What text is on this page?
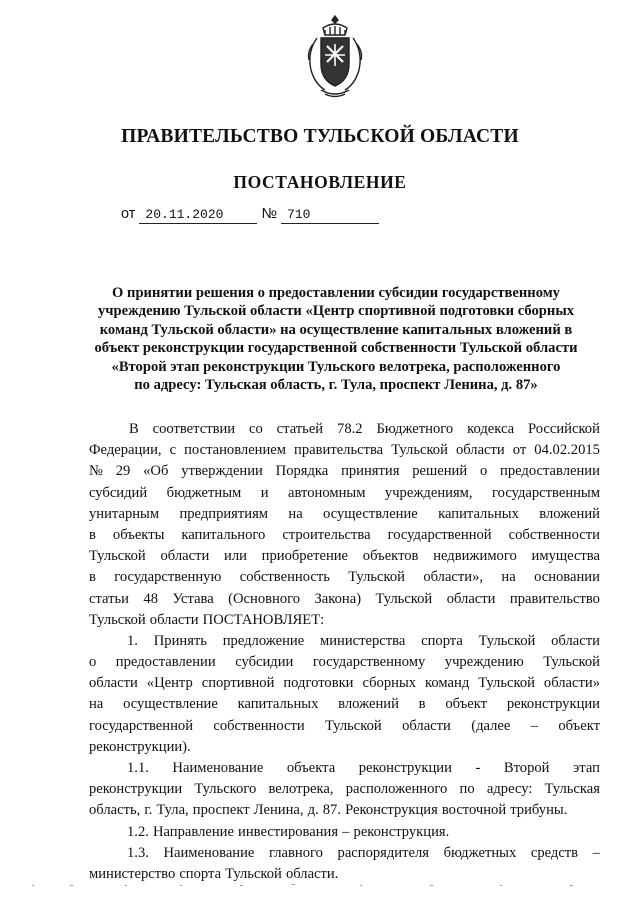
ПРАВИТЕЛЬСТВО ТУЛЬСКОЙ ОБЛАСТИ
ПОСТАНОВЛЕНИЕ
от 20.11.2020	№ 710
О принятии решения о предоставлении субсидии государственному
учреждению Тульской области «Центр спортивной подготовки сборных
команд Тульской области» на осуществление капитальных вложений в
объект реконструкции государственной собственности Тульской области
«Второй этап реконструкции Тульского велотрека, расположенного
по адресу: Тульская область, г. Тула, проспект Ленина, д. 87»
В соответствии со статьей 78.2 Бюджетного кодекса Российской
Федерации, с постановлением правительства Тульской области от 04.02.2015
№ 29 «Об утверждении Порядка принятия решений о предоставлении
субсидий бюджетным и автономным учреждениям, государственным
унитарным предприятиям на осуществление капитальных вложений
в объекты капитального строительства государственной собственности
Тульской области или приобретение объектов недвижимого имущества
в государственную собственность Тульской области», на основании
статьи 48 Устава (Основного Закона) Тульской области правительство
Тульской области ПОСТАНОВЛЯЕТ:
1. Принять предложение министерства спорта Тульской области
о предоставлении субсидии государственному учреждению Тульской
области «Центр спортивной подготовки сборных команд Тульской области»
на осуществление капитальных вложений в объект реконструкции
государственной собственности Тульской области (далее – объект
реконструкции).
1.1. Наименование объекта реконструкции - Второй этап
реконструкции Тульского велотрека, расположенного по адресу: Тульская
область, г. Тула, проспект Ленина, д. 87. Реконструкция восточной трибуны.
1.2. Направление инвестирования – реконструкция.
1.3. Наименование главного распорядителя бюджетных средств –
министерство спорта Тульской области.
